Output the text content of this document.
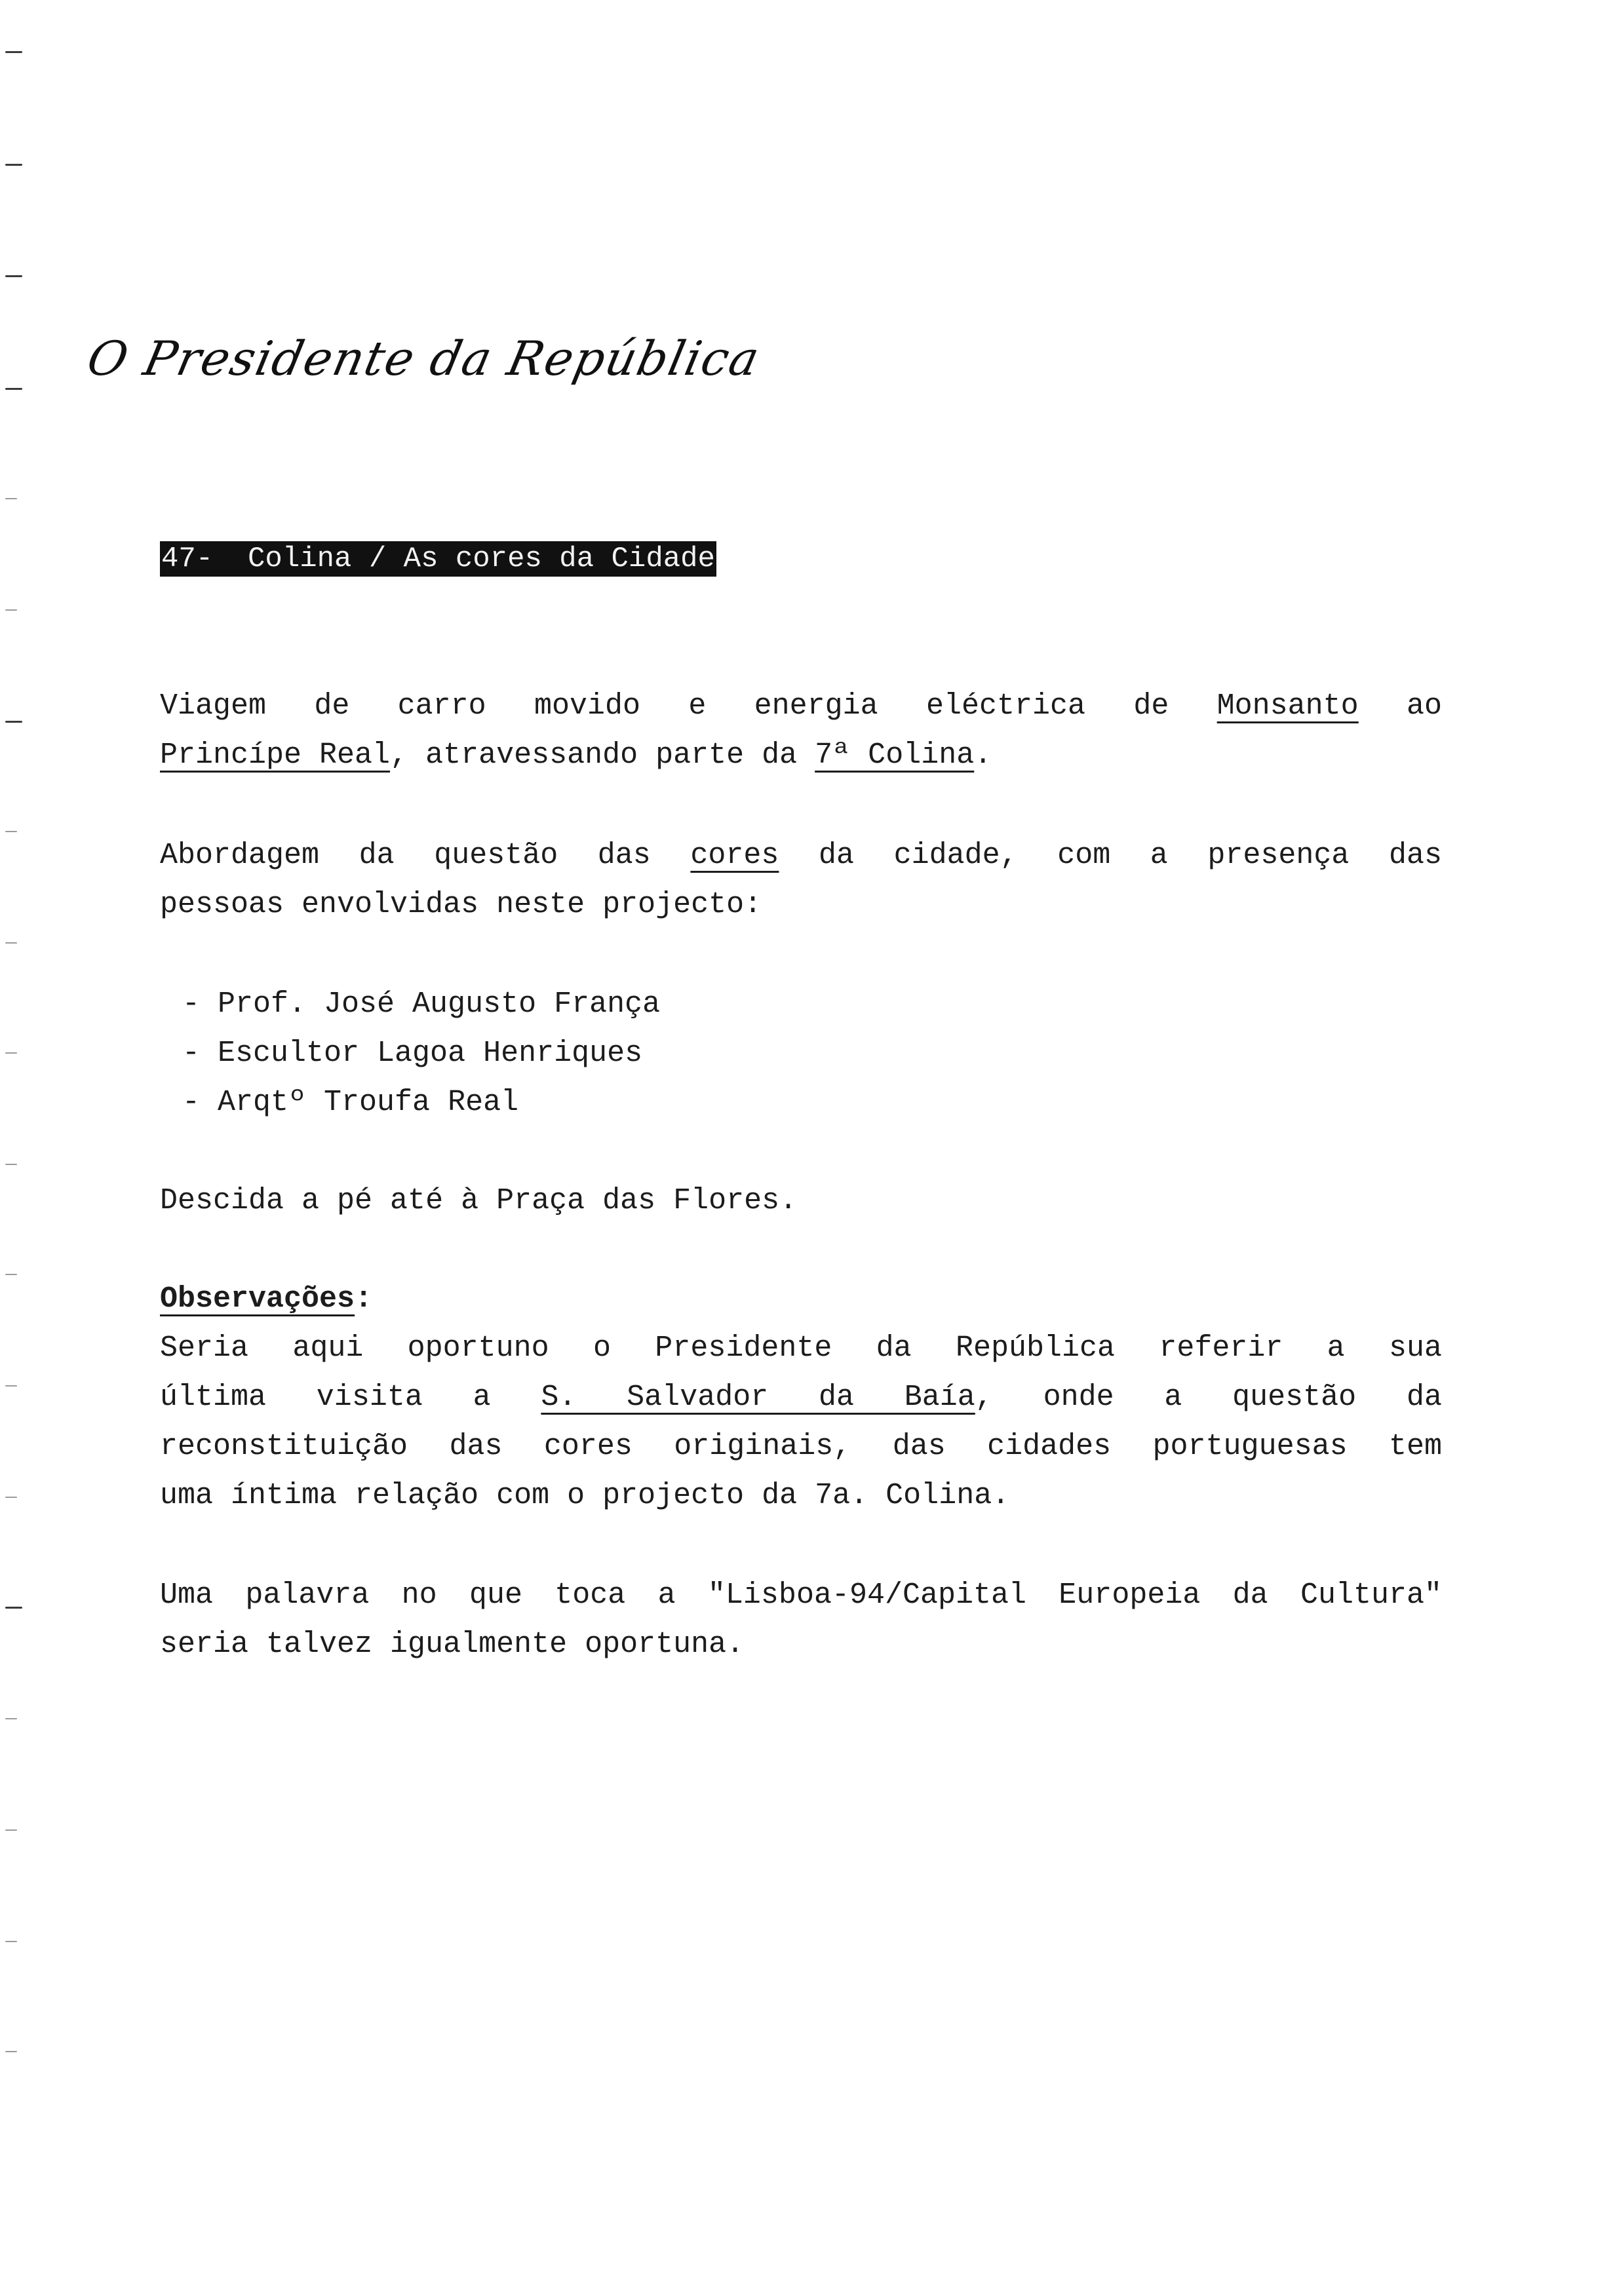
O Presidente da República
47-  Colina / As cores da Cidade
Viagem de carro movido e energia eléctrica de Monsanto ao
Princípe Real, atravessando parte da 7ª Colina.
Abordagem da questão das cores da cidade, com a presença das
pessoas envolvidas neste projecto:
- Prof. José Augusto França
- Escultor Lagoa Henriques
- Arqtº Troufa Real
Descida a pé até à Praça das Flores.
Observações:
Seria aqui oportuno o Presidente da República referir a sua
última visita a S. Salvador da Baía, onde a questão da
reconstituição das cores originais, das cidades portuguesas tem
uma íntima relação com o projecto da 7a. Colina.
Uma palavra no que toca a "Lisboa-94/Capital Europeia da Cultura"
seria talvez igualmente oportuna.
